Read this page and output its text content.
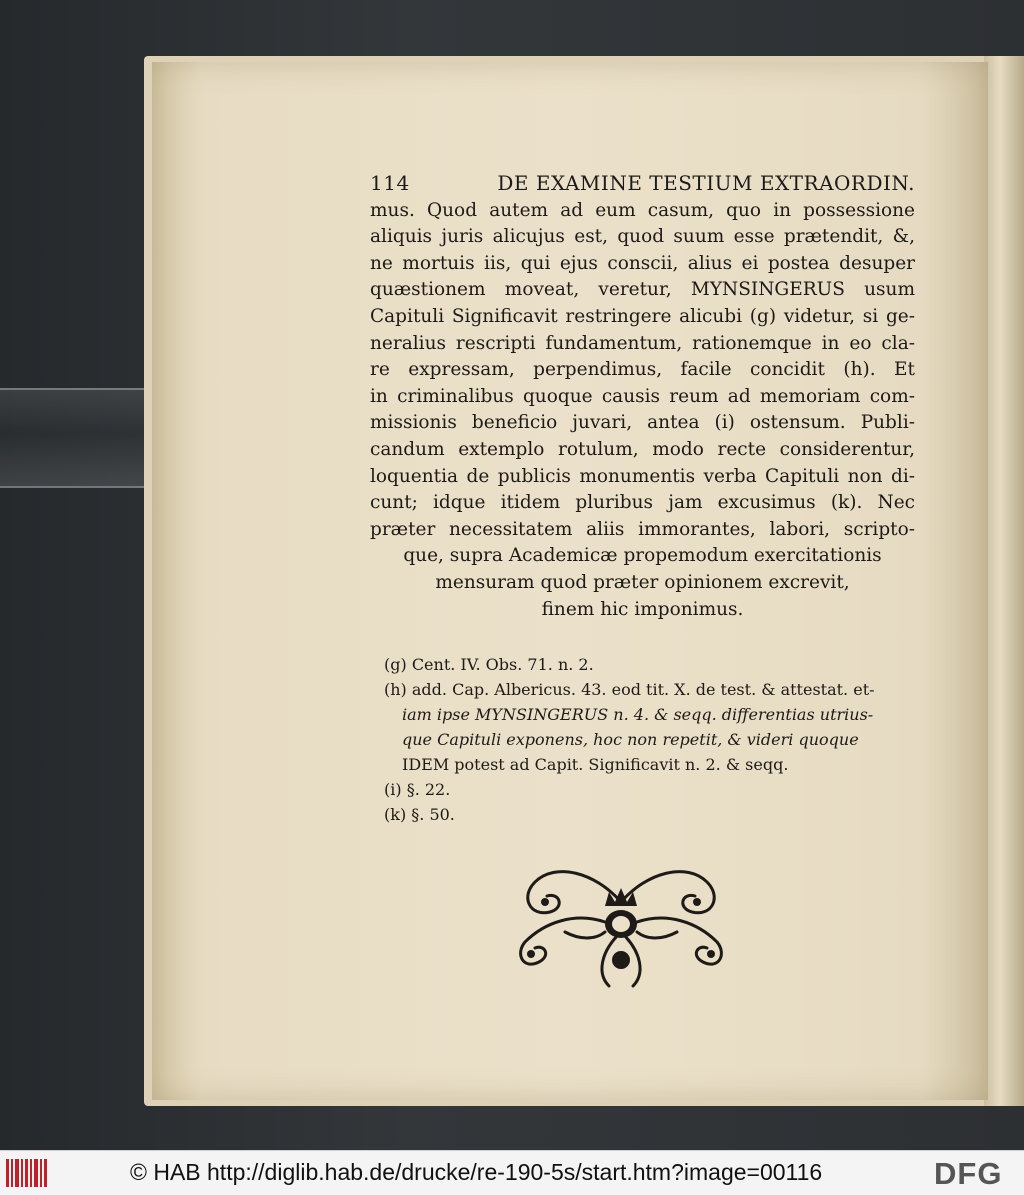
114	DE EXAMINE TESTIUM EXTRAORDIN.
mus. Quod autem ad eum casum, quo in possessione
aliquis juris alicujus est, quod suum esse prætendit, &,
ne mortuis iis, qui ejus conscii, alius ei postea desuper
quæstionem moveat, veretur, MYNSINGERUS usum
Capituli Significavit restringere alicubi (g) videtur, si ge-
neralius rescripti fundamentum, rationemque in eo cla-
re expressam, perpendimus, facile concidit (h). Et
in criminalibus quoque causis reum ad memoriam com-
missionis beneficio juvari, antea (i) ostensum. Publi-
candum extemplo rotulum, modo recte considerentur,
loquentia de publicis monumentis verba Capituli non di-
cunt; idque itidem pluribus jam excusimus (k). Nec
præter necessitatem aliis immorantes, labori, scripto-
que, supra Academicæ propemodum exercitationis
mensuram quod præter opinionem excrevit,
finem hic imponimus.
(g) Cent. IV. Obs. 71. n. 2.
(h) add. Cap. Albericus. 43. eod tit. X. de test. & attestat. et-
iam ipse MYNSINGERUS n. 4. & seqq. differentias utrius-
que Capituli exponens, hoc non repetit, & videri quoque
IDEM potest ad Capit. Significavit n. 2. & seqq.
(i) §. 22.
(k) §. 50.
© HAB http://diglib.hab.de/drucke/re-190-5s/start.htm?image=00116	DFG
